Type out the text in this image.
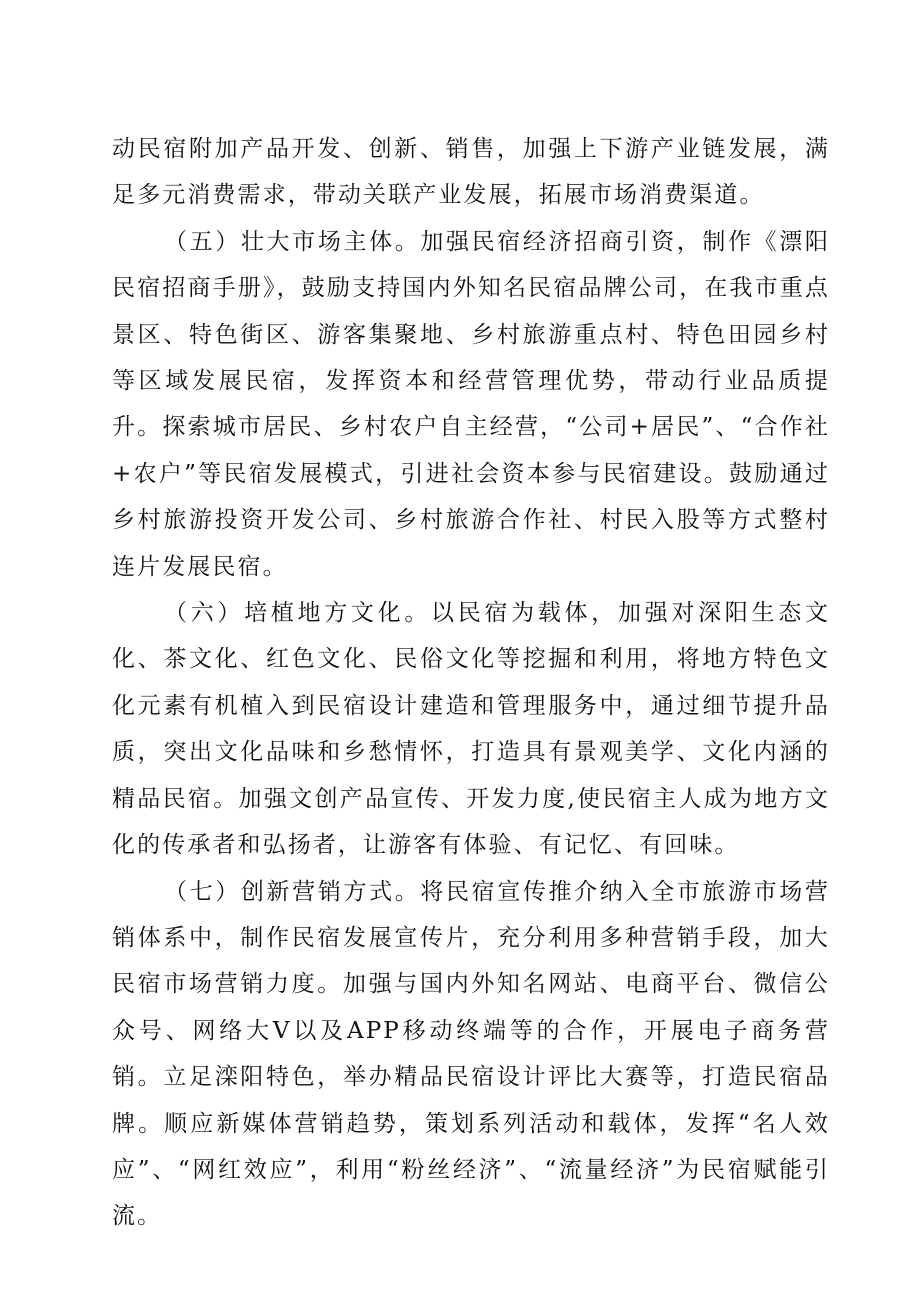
动民宿附加产品开发、创新、销售，加强上下游产业链发展，满足多元消费需求，带动关联产业发展，拓展市场消费渠道。

（五）壮大市场主体。加强民宿经济招商引资，制作《漂阳民宿招商手册》，鼓励支持国内外知名民宿品牌公司，在我市重点景区、特色街区、游客集聚地、乡村旅游重点村、特色田园乡村等区域发展民宿，发挥资本和经营管理优势，带动行业品质提升。探索城市居民、乡村农户自主经营，“公司+居民”、“合作社+农户”等民宿发展模式，引进社会资本参与民宿建设。鼓励通过乡村旅游投资开发公司、乡村旅游合作社、村民入股等方式整村连片发展民宿。

（六）培植地方文化。以民宿为载体，加强对深阳生态文化、茶文化、红色文化、民俗文化等挖掘和利用，将地方特色文化元素有机植入到民宿设计建造和管理服务中，通过细节提升品质，突出文化品味和乡愁情怀，打造具有景观美学、文化内涵的精品民宿。加强文创产品宣传、开发力度,使民宿主人成为地方文化的传承者和弘扬者，让游客有体验、有记忆、有回味。

（七）创新营销方式。将民宿宣传推介纳入全市旅游市场营销体系中，制作民宿发展宣传片，充分利用多种营销手段，加大民宿市场营销力度。加强与国内外知名网站、电商平台、微信公众号、网络大V以及APP移动终端等的合作，开展电子商务营销。立足滦阳特色，举办精品民宿设计评比大赛等，打造民宿品牌。顺应新媒体营销趋势，策划系列活动和载体，发挥“名人效应”、“网红效应”，利用“粉丝经济”、“流量经济”为民宿赋能引流。
